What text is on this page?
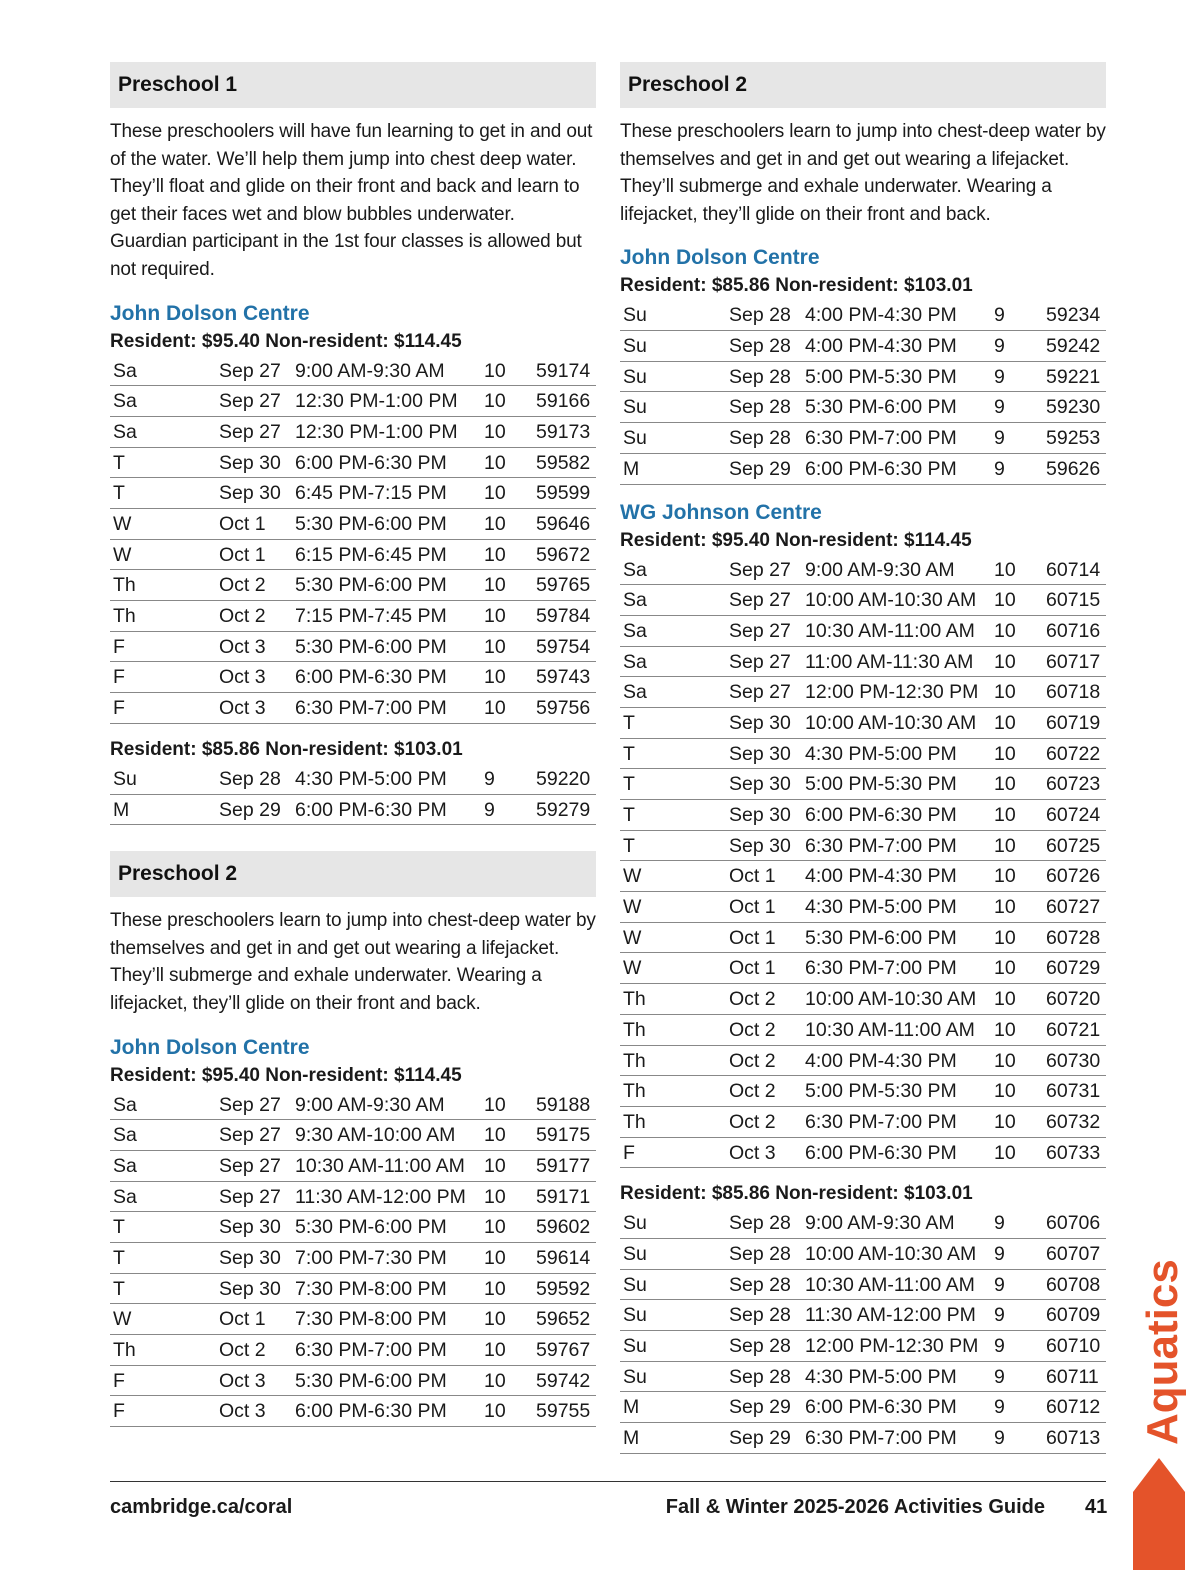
Preschool 1
These preschoolers will have fun learning to get in and out of the water. We’ll help them jump into chest deep water. They’ll float and glide on their front and back and learn to get their faces wet and blow bubbles underwater. Guardian participant in the 1st four classes is allowed but not required.
John Dolson Centre
Resident: $95.40 Non-resident: $114.45
Sa	Sep 27 9:00 AM-9:30 AM	10	59174
Sa	Sep 27 12:30 PM-1:00 PM	10	59166
Sa	Sep 27 12:30 PM-1:00 PM	10	59173
T	Sep 30 6:00 PM-6:30 PM	10	59582
T	Sep 30 6:45 PM-7:15 PM	10	59599
W	Oct 1	5:30 PM-6:00 PM	10	59646
W	Oct 1	6:15 PM-6:45 PM	10	59672
Th	Oct 2	5:30 PM-6:00 PM	10	59765
Th	Oct 2	7:15 PM-7:45 PM	10	59784
F	Oct 3	5:30 PM-6:00 PM	10	59754
F	Oct 3	6:00 PM-6:30 PM	10	59743
F	Oct 3	6:30 PM-7:00 PM	10	59756
Resident: $85.86 Non-resident: $103.01
Su	Sep 28 4:30 PM-5:00 PM	9	59220
M	Sep 29 6:00 PM-6:30 PM	9	59279
Preschool 2
These preschoolers learn to jump into chest-deep water by themselves and get in and get out wearing a lifejacket. They’ll submerge and exhale underwater. Wearing a lifejacket, they’ll glide on their front and back.
John Dolson Centre
Resident: $95.40 Non-resident: $114.45
Sa	Sep 27 9:00 AM-9:30 AM	10	59188
Sa	Sep 27 9:30 AM-10:00 AM	10	59175
Sa	Sep 27 10:30 AM-11:00 AM 10	59177
Sa	Sep 27 11:30 AM-12:00 PM 10	59171
T	Sep 30 5:30 PM-6:00 PM	10	59602
T	Sep 30 7:00 PM-7:30 PM	10	59614
T	Sep 30 7:30 PM-8:00 PM	10	59592
W	Oct 1	7:30 PM-8:00 PM	10	59652
Th	Oct 2	6:30 PM-7:00 PM	10	59767
F	Oct 3	5:30 PM-6:00 PM	10	59742
F	Oct 3	6:00 PM-6:30 PM	10	59755
Preschool 2
These preschoolers learn to jump into chest-deep water by themselves and get in and get out wearing a lifejacket. They’ll submerge and exhale underwater. Wearing a lifejacket, they’ll glide on their front and back.
John Dolson Centre
Resident: $85.86 Non-resident: $103.01
Su	Sep 28 4:00 PM-4:30 PM	9	59234
Su	Sep 28 4:00 PM-4:30 PM	9	59242
Su	Sep 28 5:00 PM-5:30 PM	9	59221
Su	Sep 28 5:30 PM-6:00 PM	9	59230
Su	Sep 28 6:30 PM-7:00 PM	9	59253
M	Sep 29 6:00 PM-6:30 PM	9	59626
WG Johnson Centre
Resident: $95.40 Non-resident: $114.45
Sa	Sep 27 9:00 AM-9:30 AM	10	60714
Sa	Sep 27 10:00 AM-10:30 AM 10	60715
Sa	Sep 27 10:30 AM-11:00 AM 10	60716
Sa	Sep 27 11:00 AM-11:30 AM	10	60717
Sa	Sep 27 12:00 PM-12:30 PM 10	60718
T	Sep 30 10:00 AM-10:30 AM 10	60719
T	Sep 30 4:30 PM-5:00 PM	10	60722
T	Sep 30 5:00 PM-5:30 PM	10	60723
T	Sep 30 6:00 PM-6:30 PM	10	60724
T	Sep 30 6:30 PM-7:00 PM	10	60725
W	Oct 1	4:00 PM-4:30 PM	10	60726
W	Oct 1	4:30 PM-5:00 PM	10	60727
W	Oct 1	5:30 PM-6:00 PM	10	60728
W	Oct 1	6:30 PM-7:00 PM	10	60729
Th	Oct 2	10:00 AM-10:30 AM 10	60720
Th	Oct 2	10:30 AM-11:00 AM 10	60721
Th	Oct 2	4:00 PM-4:30 PM	10	60730
Th	Oct 2	5:00 PM-5:30 PM	10	60731
Th	Oct 2	6:30 PM-7:00 PM	10	60732
F	Oct 3	6:00 PM-6:30 PM	10	60733
Resident: $85.86 Non-resident: $103.01
Su	Sep 28 9:00 AM-9:30 AM	9	60706
Su	Sep 28 10:00 AM-10:30 AM 9	60707
Su	Sep 28 10:30 AM-11:00 AM 9	60708
Su	Sep 28 11:30 AM-12:00 PM 9	60709
Su	Sep 28 12:00 PM-12:30 PM 9	60710
Su	Sep 28 4:30 PM-5:00 PM	9	60711
M	Sep 29 6:00 PM-6:30 PM	9	60712
M	Sep 29 6:30 PM-7:00 PM	9	60713
cambridge.ca/coral	Fall & Winter 2025-2026 Activities Guide 41
Aquatics
